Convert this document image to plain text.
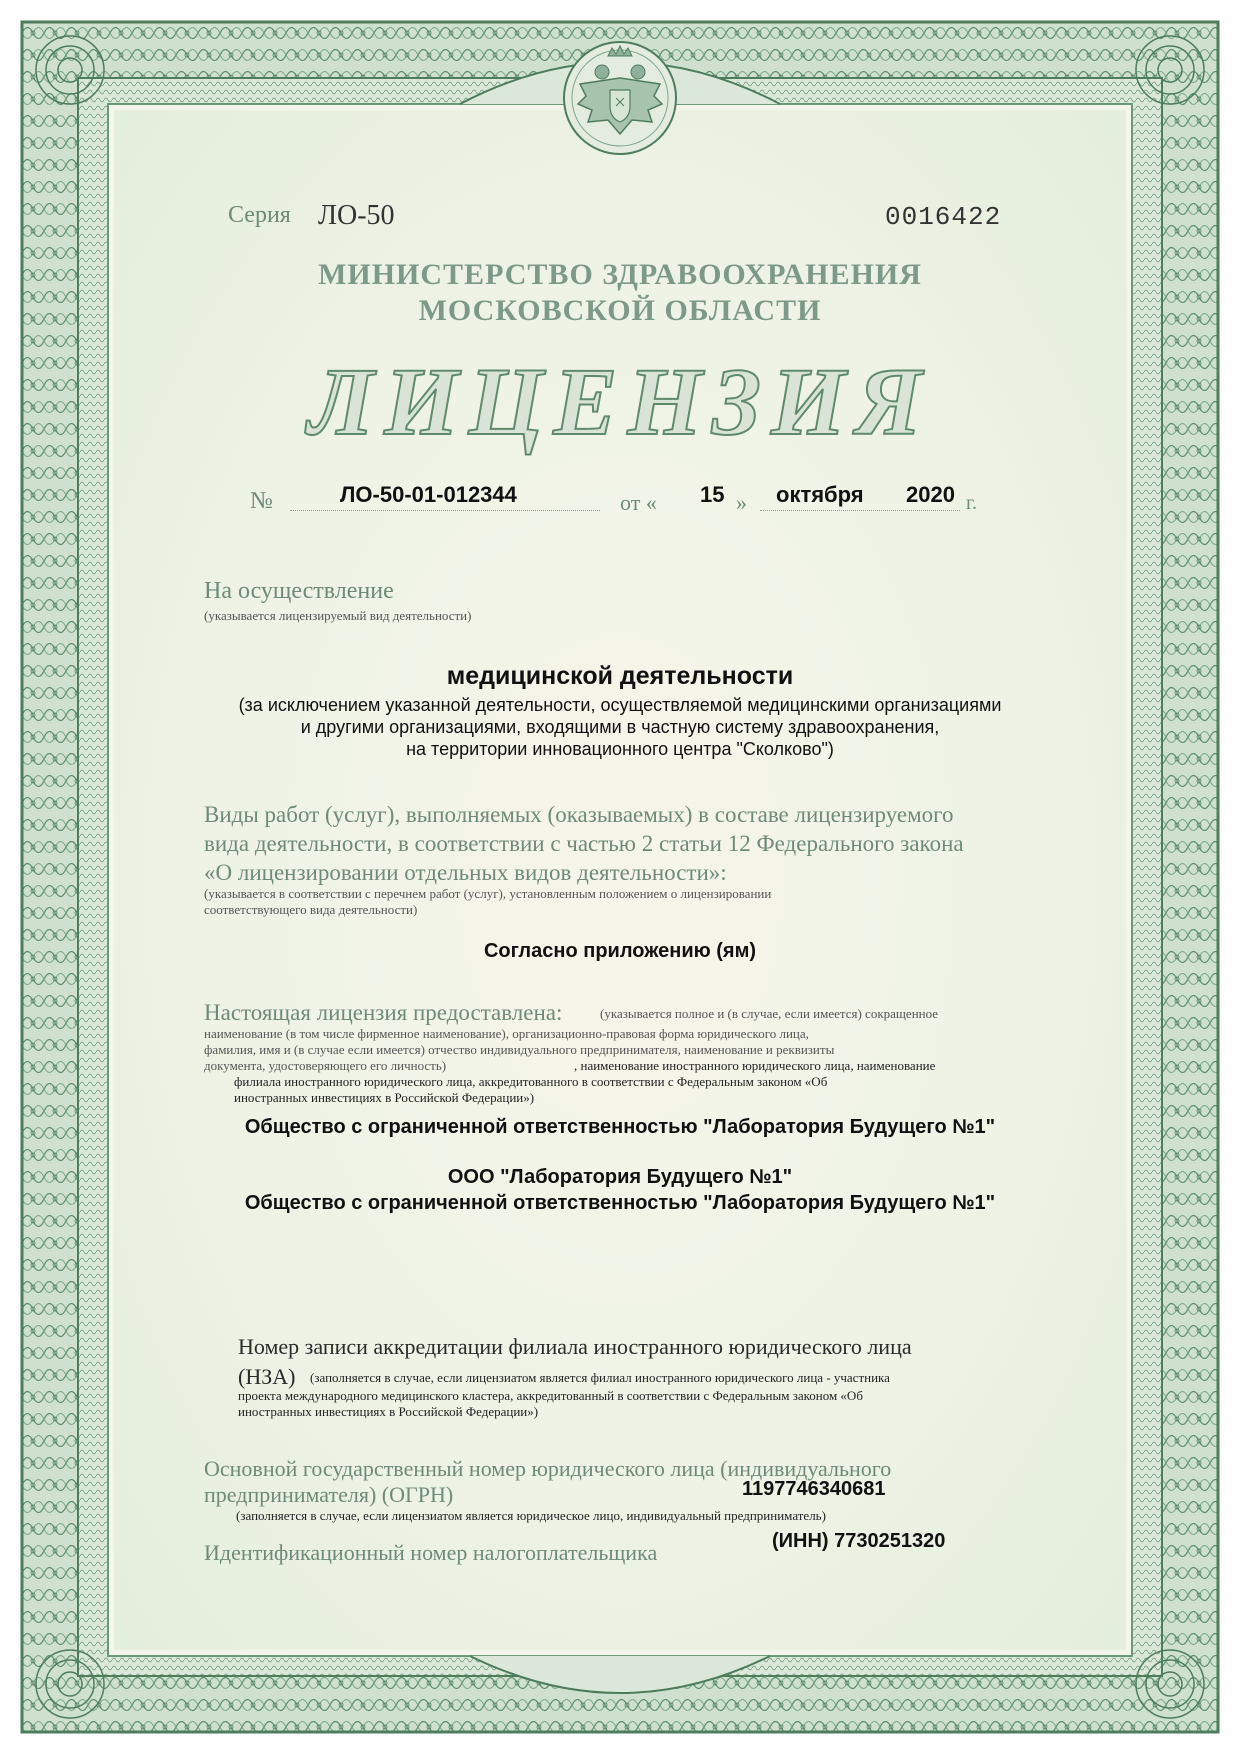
Серия ЛО-50	0016422
МИНИСТЕРСТВО ЗДРАВООХРАНЕНИЯ
МОСКОВСКОЙ ОБЛАСТИ
ЛИЦЕНЗИЯ
№	ЛО-50-01-012344	от « 15 » октября 2020 г.
На осуществление
(указывается лицензируемый вид деятельности)
медицинской деятельности
(за исключением указанной деятельности, осуществляемой медицинскими организациями
и другими организациями, входящими в частную систему здравоохранения,
на территории инновационного центра "Сколково")
Виды работ (услуг), выполняемых (оказываемых) в составе лицензируемого
вида деятельности, в соответствии с частью 2 статьи 12 Федерального закона
«О лицензировании отдельных видов деятельности»:
(указывается в соответствии с перечнем работ (услуг), установленным положением о лицензировании
соответствующего вида деятельности)
Согласно приложению (ям)
Настоящая лицензия предоставлена:	(указывается полное и (в случае, если имеется) сокращенное
наименование (в том числе фирменное наименование), организационно-правовая форма юридического лица,
фамилия, имя и (в случае если имеется) отчество индивидуального предпринимателя, наименование и реквизиты
документа, удостоверяющего его личность)	, наименование иностранного юридического лица, наименование
филиала иностранного юридического лица, аккредитованного в соответствии с Федеральным законом «Об
иностранных инвестициях в Российской Федерации»)
Общество с ограниченной ответственностью "Лаборатория Будущего №1"
ООО "Лаборатория Будущего №1"
Общество с ограниченной ответственностью "Лаборатория Будущего №1"
Номер записи аккредитации филиала иностранного юридического лица
(НЗА) (заполняется в случае, если лицензиатом является филиал иностранного юридического лица - участника
проекта международного медицинского кластера, аккредитованный в соответствии с Федеральным законом «Об
иностранных инвестициях в Российской Федерации»)
Основной государственный номер юридического лица (индивидуального
предпринимателя) (ОГРН)	1197746340681
(заполняется в случае, если лицензиатом является юридическое лицо, индивидуальный предприниматель)
Идентификационный номер налогоплательщика	(ИНН) 7730251320
